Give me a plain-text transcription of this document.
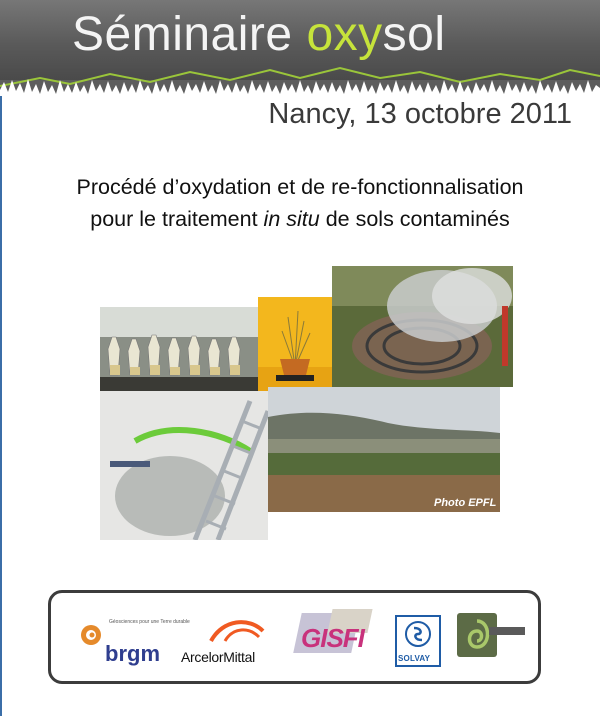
Séminaire oxysol
Nancy, 13 octobre 2011
Procédé d’oxydation et de re-fonctionnalisation
pour le traitement in situ de sols contaminés
Photo EPFL
Géosciences pour une Terre durable
brgm ArcelorMittal
GISFI
SOLVAY
